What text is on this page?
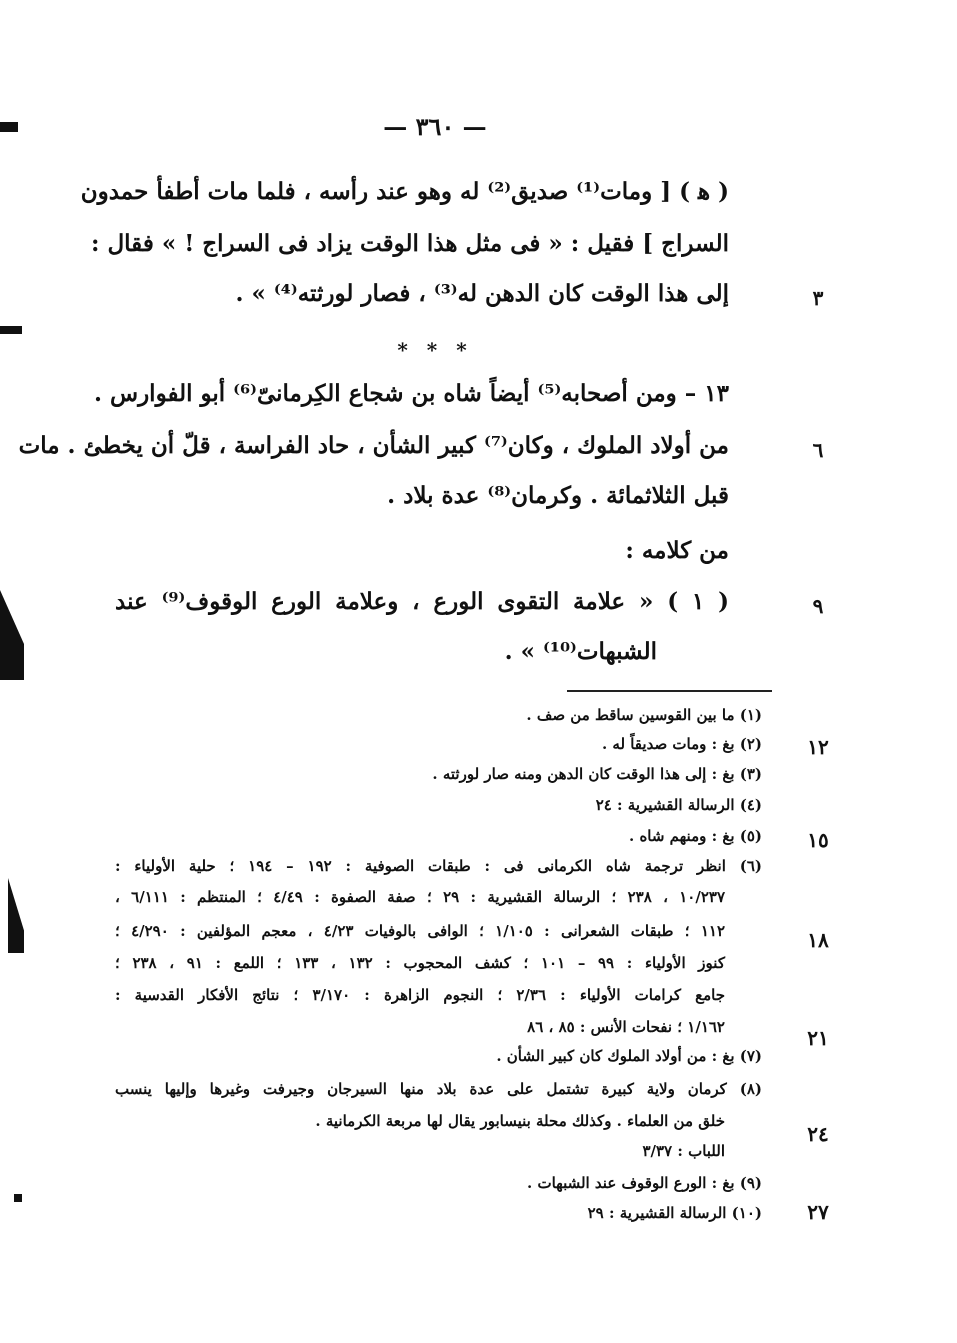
— ٣٦٠ —
( ﻫ ) [ ومات⁽¹⁾ صديق⁽²⁾ له وهو عند رأسه ، فلما مات أطفأ حمدون
السراج ] فقيل : « فى مثل هذا الوقت يزاد فى السراج ! » فقال :
إلى هذا الوقت كان الدهن له⁽³⁾ ، فصار لورثته⁽⁴⁾ » .	٣
* * *
١٣ – ومن أصحابه⁽⁵⁾ أيضاً شاه بن شجاع الكِرمانىّ⁽⁶⁾ أبو الفوارس .
من أولاد الملوك ، وكان⁽⁷⁾ كبير الشأن ، حاد الفراسة ، قلّ أن يخطئ . مات	٦
قبل الثلاثمائة . وكرمان⁽⁸⁾ عدة بلاد .
من كلامه :
( ١ ) « علامة التقوى الورع ، وعلامة الورع الوقوف⁽⁹⁾ عند	٩
الشبهات⁽¹⁰⁾ » .
(١) ما بين القوسين ساقط من صف .
(٢) بغ : ومات صديقاً له .	١٢
(٣) بغ : إلى هذا الوقت كان الدهن ومنه صار لورثته .
(٤) الرسالة القشيرية : ٢٤
(٥) بغ : ومنهم شاه .	١٥
(٦) انظر ترجمة شاه الكرمانى فى : طبقات الصوفية : ١٩٢ – ١٩٤ ؛ حلية الأولياء :
١٠/٢٣٧ ، ٢٣٨ ؛ الرسالة القشيرية : ٢٩ ؛ صفة الصفوة : ٤/٤٩ ؛ المنتظم : ٦/١١١ ،
١١٢ ؛ طبقات الشعرانى : ١/١٠٥ ؛ الوافى بالوفيات ٤/٢٣ ، معجم المؤلفين : ٤/٢٩٠ ؛	١٨
كنوز الأولياء : ٩٩ – ١٠١ ؛ كشف المحجوب : ١٣٢ ، ١٣٣ ؛ اللمع : ٩١ ، ٢٣٨ ؛
جامع كرامات الأولياء : ٢/٣٦ ؛ النجوم الزاهرة : ٣/١٧٠ ؛ نتائج الأفكار القدسية :
١/١٦٢ ؛ نفحات الأنس : ٨٥ ، ٨٦	٢١
(٧) بغ : من أولاد الملوك كان كبير الشأن .
(٨) كرمان ولاية كبيرة تشتمل على عدة بلاد منها السيرجان وجيرفت وغيرها وإليها ينسب
خلق من العلماء . وكذلك محلة بنيسابور يقال لها مربعة الكرمانية .
٢٤
اللباب : ٣/٣٧
(٩) بغ : الورع الوقوف عند الشبهات .
(١٠) الرسالة القشيرية : ٢٩	٢٧
